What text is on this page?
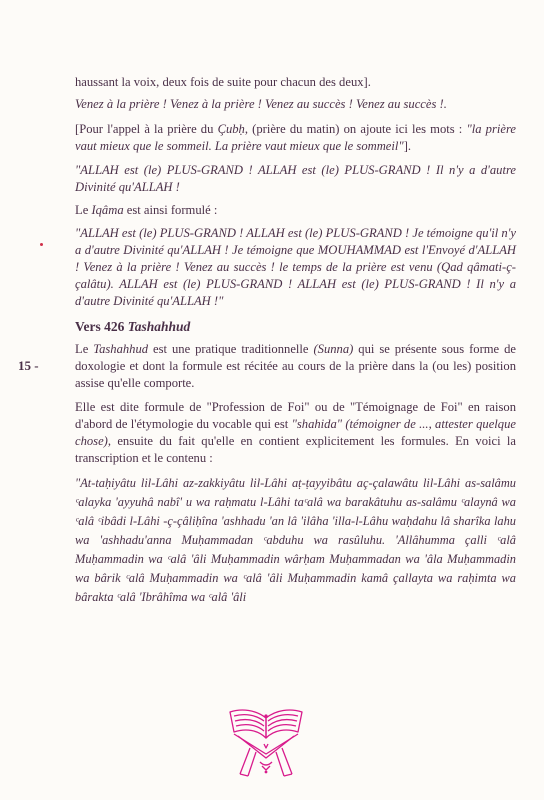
15 -

haussant la voix, deux fois de suite pour chacun des deux].

Venez à la prière ! Venez à la prière ! Venez au succès ! Venez au succès !.

[Pour l'appel à la prière du Çubḥ, (prière du matin) on ajoute ici les mots : "la prière vaut mieux que le sommeil. La prière vaut mieux que le sommeil"].

"ALLAH est (le) PLUS-GRAND ! ALLAH est (le) PLUS-GRAND ! Il n'y a d'autre Divinité qu'ALLAH !

Le Iqâma est ainsi formulé :

"ALLAH est (le) PLUS-GRAND ! ALLAH est (le) PLUS-GRAND ! Je témoigne qu'il n'y a d'autre Divinité qu'ALLAH ! Je témoigne que MOUHAMMAD est l'Envoyé d'ALLAH ! Venez à la prière ! Venez au succès ! le temps de la prière est venu (Qad qâmati-ç-çalâtu). ALLAH est (le) PLUS-GRAND ! ALLAH est (le) PLUS-GRAND ! Il n'y a d'autre Divinité qu'ALLAH !"

Vers 426 Tashahhud

Le Tashahhud est une pratique traditionnelle (Sunna) qui se présente sous forme de doxologie et dont la formule est récitée au cours de la prière dans la (ou les) position assise qu'elle comporte.

Elle est dite formule de "Profession de Foi" ou de "Témoignage de Foi" en raison d'abord de l'étymologie du vocable qui est "shahida" (témoigner de ..., attester quelque chose), ensuite du fait qu'elle en contient explicitement les formules. En voici la transcription et le contenu :

"At-taḥiyâtu lil-Lâhi az-zakkiyâtu lil-Lâhi aṭ-ṭayyibâtu aç-çalawâtu lil-Lâhi as-salâmu ᶜalayka 'ayyuhâ nabî' u wa raḥmatu l-Lâhi taᶜalâ wa barakâtuhu as-salâmu ᶜalaynâ wa ᶜalâ ᶜibâdi l-Lâhi -ç-çâliḥîna 'ashhadu 'an lâ 'ilâha 'illa-l-Lâhu waḥdahu lâ sharîka lahu wa 'ashhadu'anna Muḥammadan ᶜabduhu wa rasûluhu. 'Allâhumma çalli ᶜalâ Muḥammadin wa ᶜalâ 'âli Muḥammadin wârḥam Muḥammadan wa 'âla Muḥammadin wa bârik ᶜalâ Muḥammadin wa ᶜalâ 'âli Muḥammadin kamâ çallayta wa raḥimta wa bârakta ᶜalâ 'Ibrâhîma wa ᶜalâ 'âli
